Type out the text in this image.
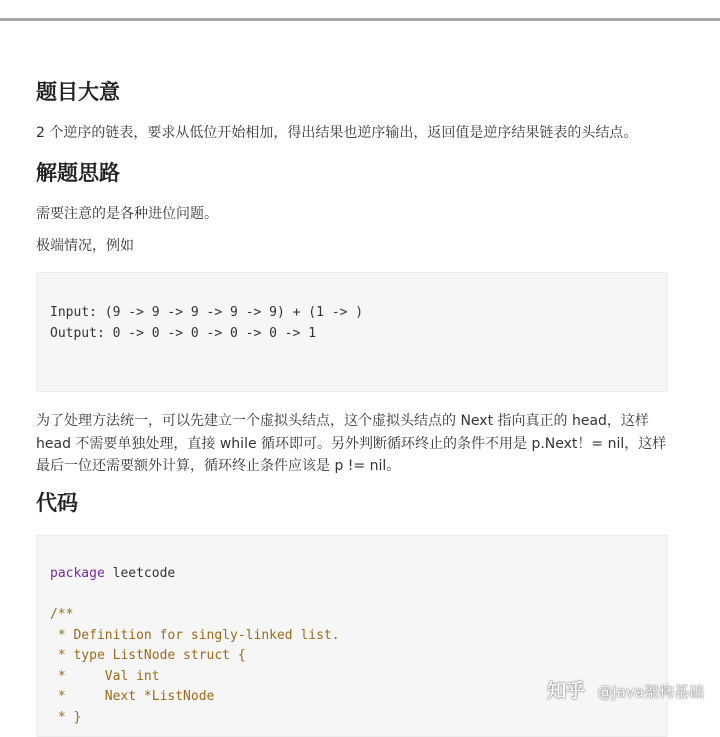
题目大意

2 个逆序的链表，要求从低位开始相加，得出结果也逆序输出，返回值是逆序结果链表的头结点。

解题思路

需要注意的是各种进位问题。

极端情况，例如

Input: (9 -> 9 -> 9 -> 9 -> 9) + (1 -> )
Output: 0 -> 0 -> 0 -> 0 -> 0 -> 1

为了处理方法统一，可以先建立一个虚拟头结点，这个虚拟头结点的 Next 指向真正的 head，这样 head 不需要单独处理，直接 while 循环即可。另外判断循环终止的条件不用是 p.Next！= nil，这样最后一位还需要额外计算，循环终止条件应该是 p != nil。

代码
package leetcode

/**
* Definition for singly-linked list.
* type ListNode struct {
*     Val int
*     Next *ListNode
* }
知乎 @Java架构基础
